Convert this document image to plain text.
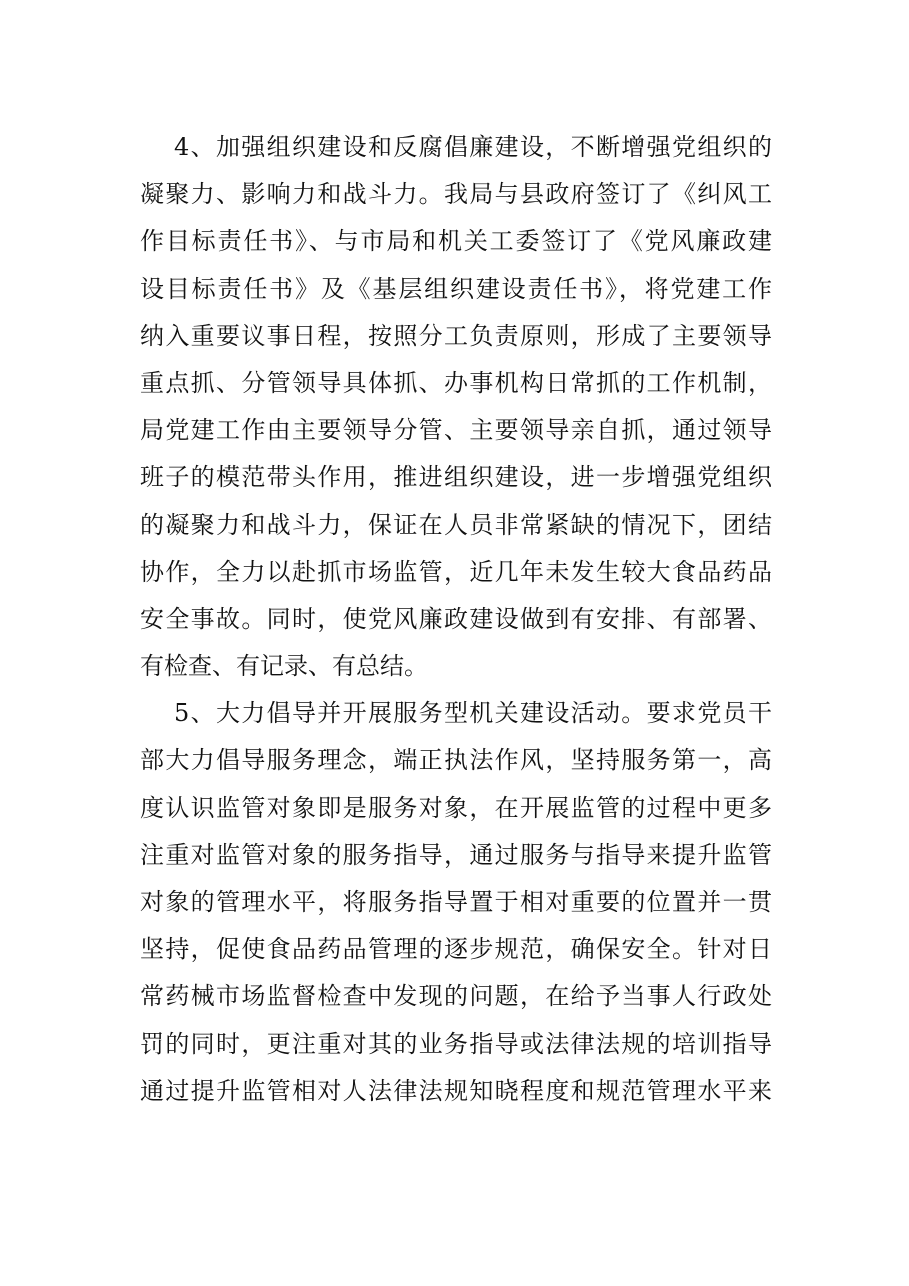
4、加强组织建设和反腐倡廉建设，不断增强党组织的
凝聚力、影响力和战斗力。我局与县政府签订了《纠风工
作目标责任书》、与市局和机关工委签订了《党风廉政建
设目标责任书》及《基层组织建设责任书》，将党建工作
纳入重要议事日程，按照分工负责原则，形成了主要领导
重点抓、分管领导具体抓、办事机构日常抓的工作机制，
局党建工作由主要领导分管、主要领导亲自抓，通过领导
班子的模范带头作用，推进组织建设，进一步增强党组织
的凝聚力和战斗力，保证在人员非常紧缺的情况下，团结
协作，全力以赴抓市场监管，近几年未发生较大食品药品
安全事故。同时，使党风廉政建设做到有安排、有部署、
有检查、有记录、有总结。
5、大力倡导并开展服务型机关建设活动。要求党员干
部大力倡导服务理念，端正执法作风，坚持服务第一，高
度认识监管对象即是服务对象，在开展监管的过程中更多
注重对监管对象的服务指导，通过服务与指导来提升监管
对象的管理水平，将服务指导置于相对重要的位置并一贯
坚持，促使食品药品管理的逐步规范，确保安全。针对日
常药械市场监督检查中发现的问题，在给予当事人行政处
罚的同时，更注重对其的业务指导或法律法规的培训指导
通过提升监管相对人法律法规知晓程度和规范管理水平来
